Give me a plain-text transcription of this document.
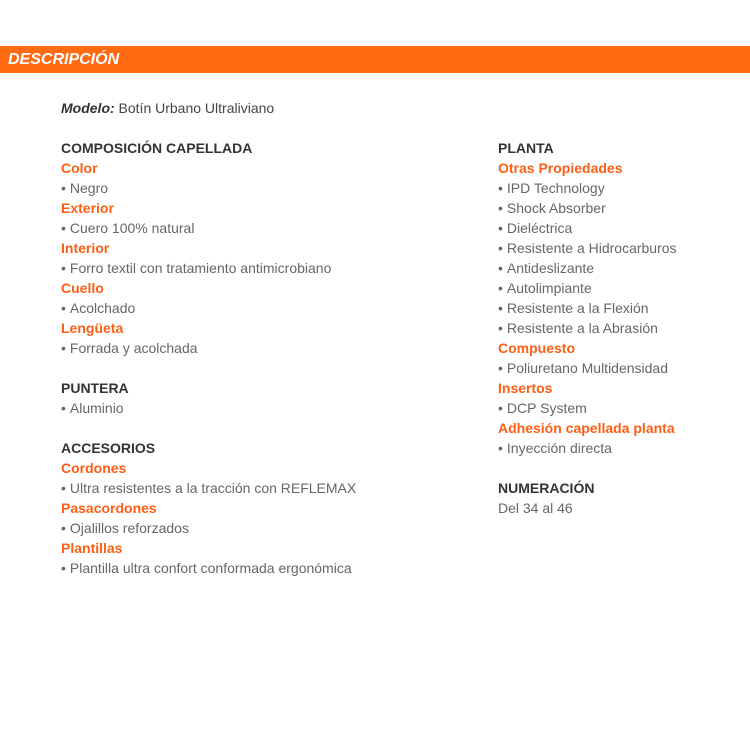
DESCRIPCIÓN
Modelo: Botín Urbano Ultraliviano
COMPOSICIÓN CAPELLADA
Color
• Negro
Exterior
• Cuero 100% natural
Interior
• Forro textil con tratamiento antimicrobiano
Cuello
• Acolchado
Lengüeta
• Forrada y acolchada
PUNTERA
• Aluminio
ACCESORIOS
Cordones
• Ultra resistentes a la tracción con REFLEMAX
Pasacordones
• Ojalillos reforzados
Plantillas
• Plantilla ultra confort conformada ergonómica
PLANTA
Otras Propiedades
• IPD Technology
• Shock Absorber
• Dieléctrica
• Resistente a Hidrocarburos
• Antideslizante
• Autolimpiante
• Resistente a la Flexión
• Resistente a la Abrasión
Compuesto
• Poliuretano Multidensidad
Insertos
• DCP System
Adhesión capellada planta
• Inyección directa
NUMERACIÓN
Del 34 al 46
